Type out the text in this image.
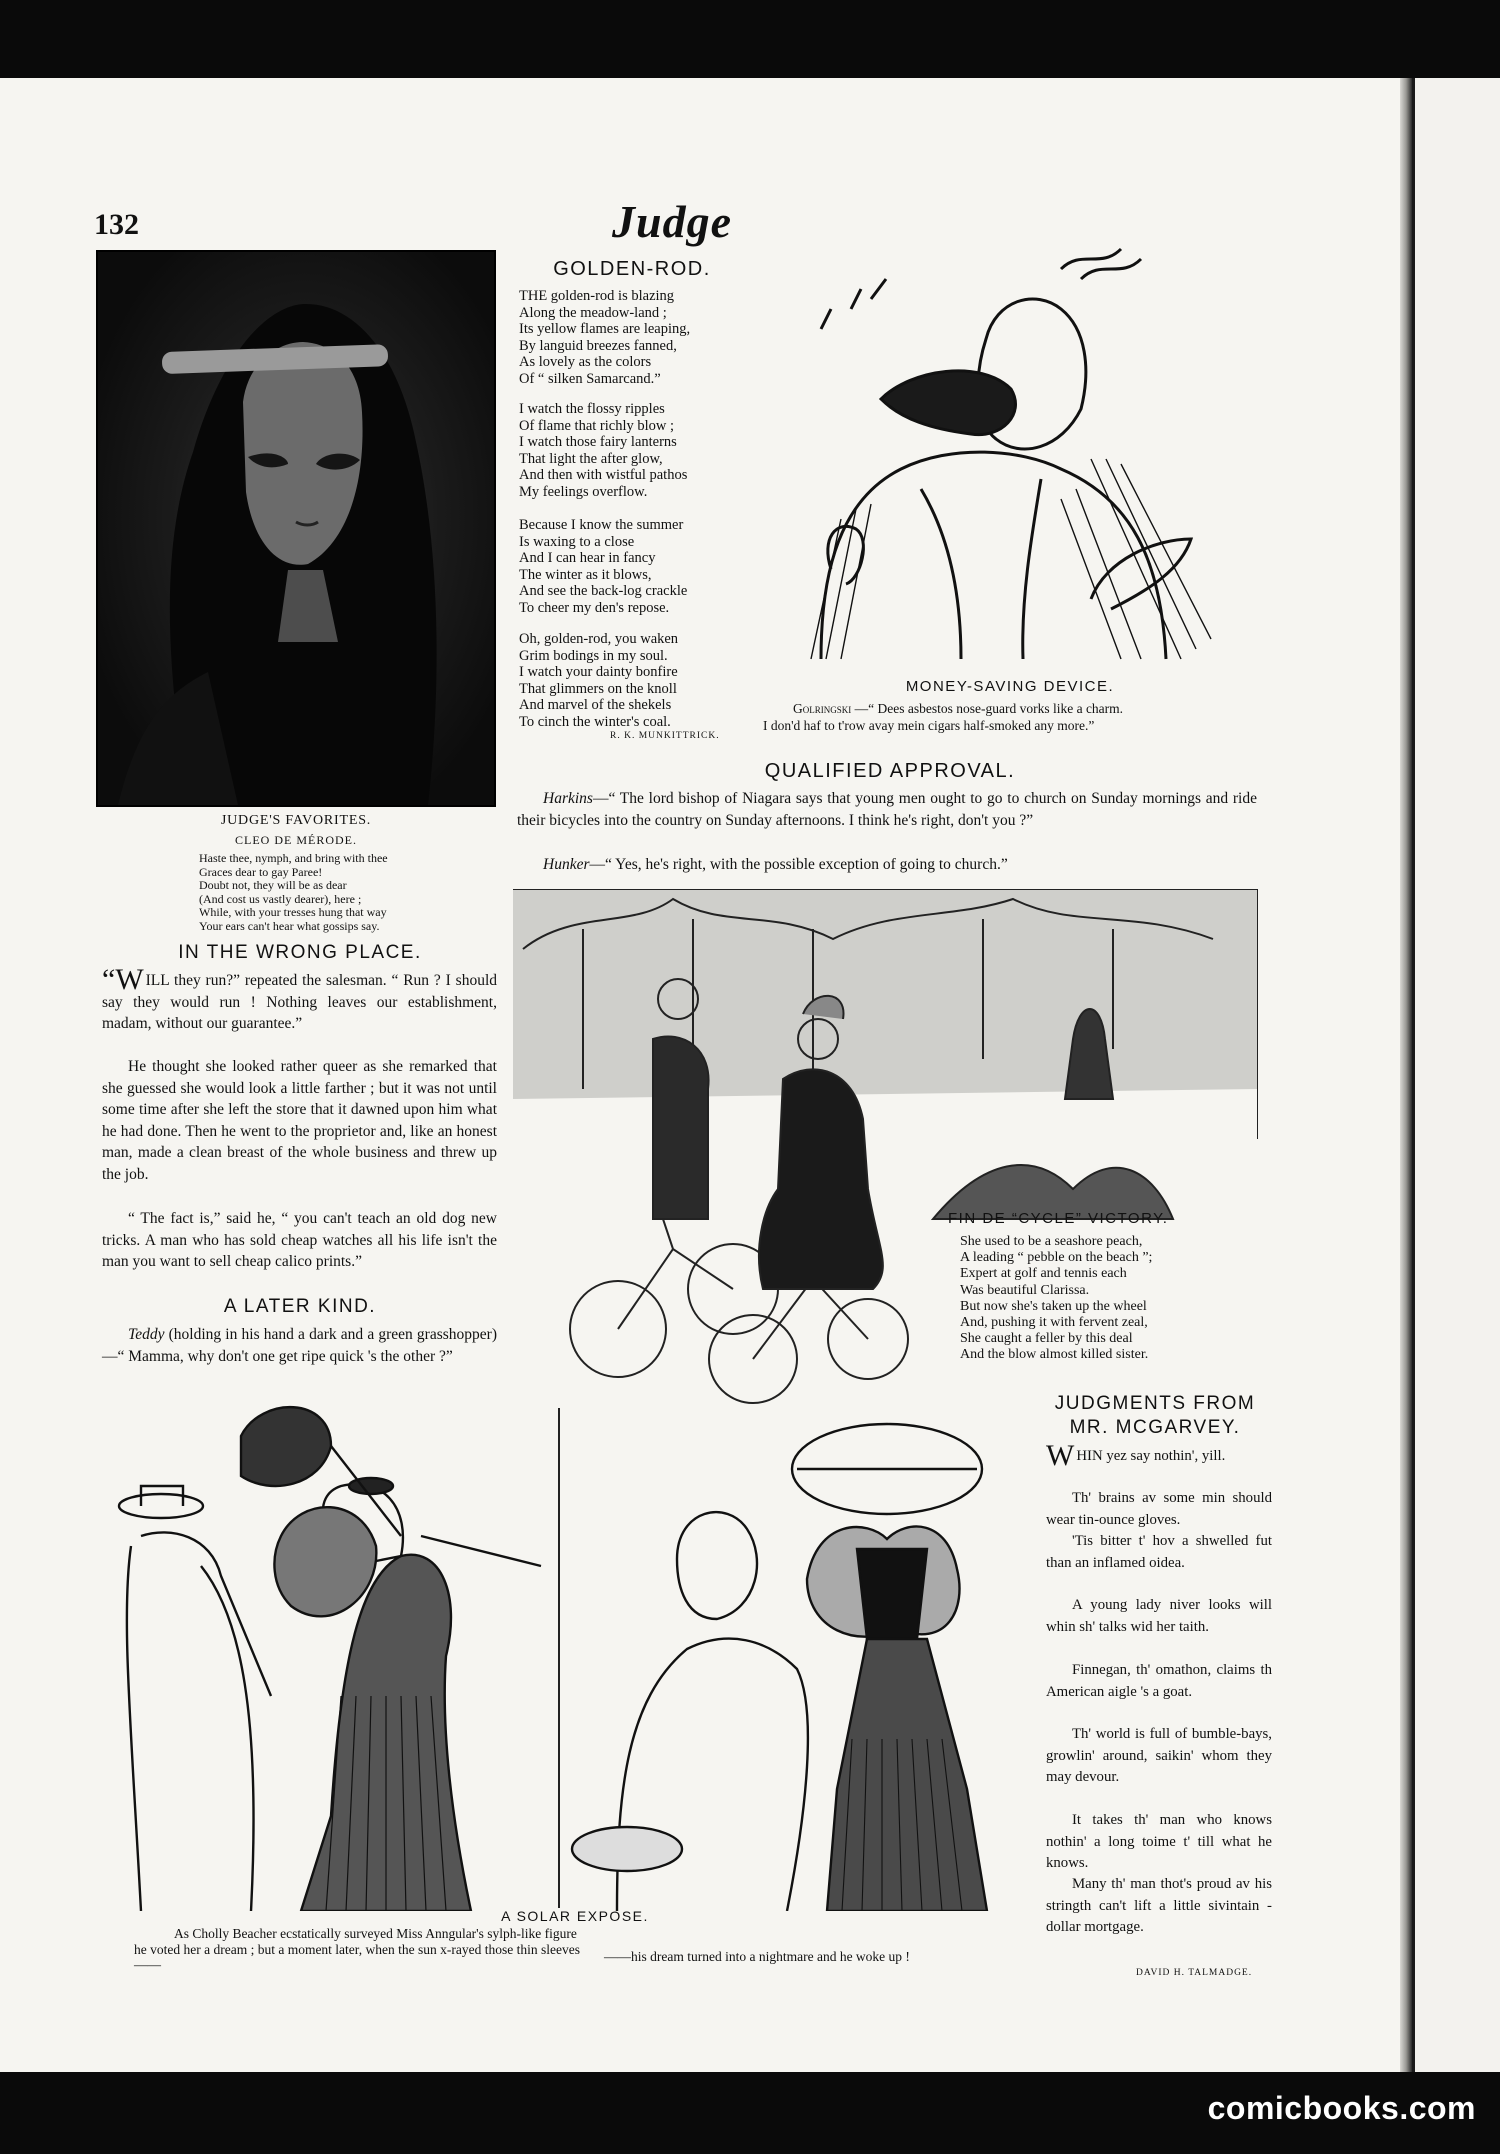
comicbooks.com
132	Judge
JUDGE'S FAVORITES.
CLEO DE MÉRODE.
Haste thee, nymph, and bring with thee
Graces dear to gay Paree!
Doubt not, they will be as dear
(And cost us vastly dearer), here ;
While, with your tresses hung that way
Your ears can't hear what gossips say.
GOLDEN-ROD.
THE golden-rod is blazing
Along the meadow-land ;
Its yellow flames are leaping,
By languid breezes fanned,
As lovely as the colors
Of “ silken Samarcand.”
I watch the flossy ripples
Of flame that richly blow ;
I watch those fairy lanterns
That light the after glow,
And then with wistful pathos
My feelings overflow.
Because I know the summer
Is waxing to a close
And I can hear in fancy
The winter as it blows,
And see the back-log crackle
To cheer my den's repose.
Oh, golden-rod, you waken
Grim bodings in my soul.
I watch your dainty bonfire
That glimmers on the knoll
And marvel of the shekels
To cinch the winter's coal.
R. K. MUNKITTRICK.
MONEY-SAVING DEVICE.
Golringski —“ Dees asbestos nose-guard vorks like a charm.
I don'd haf to t'row avay mein cigars half-smoked any more.”
QUALIFIED APPROVAL.
Harkins—“ The lord bishop of Niagara says that young men ought to go to church on Sunday mornings and ride their bicycles into the country on Sunday afternoons. I think he's right, don't you ?”
Hunker—“ Yes, he's right, with the possible exception of going to church.”
FIN DE “CYCLE” VICTORY.
She used to be a seashore peach,
A leading “ pebble on the beach ”;
Expert at golf and tennis each
Was beautiful Clarissa.
But now she's taken up the wheel
And, pushing it with fervent zeal,
She caught a feller by this deal
And the blow almost killed sister.
IN THE WRONG PLACE.
“WILL they run?” repeated the salesman. “ Run ? I should say they would run ! Nothing leaves our establishment, madam, without our guarantee.”
He thought she looked rather queer as she remarked that she guessed she would look a little farther ; but it was not until some time after she left the store that it dawned upon him what he had done. Then he went to the proprietor and, like an honest man, made a clean breast of the whole business and threw up the job.
“ The fact is,” said he, “ you can't teach an old dog new tricks. A man who has sold cheap watches all his life isn't the man you want to sell cheap calico prints.”
A LATER KIND.
Teddy (holding in his hand a dark and a green grasshopper) —“ Mamma, why don't one get ripe quick 's the other ?”
JUDGMENTS FROM
MR. MCGARVEY.
WHIN yez say nothin', yill.
Th' brains av some min should wear tin-ounce gloves.
'Tis bitter t' hov a shwelled fut than an inflamed oidea.
A young lady niver looks will whin sh' talks wid her taith.
Finnegan, th' omathon, claims th American aigle 's a goat.
Th' world is full of bumble-bays, growlin' around, saikin' whom they may devour.
It takes th' man who knows nothin' a long toime t' till what he knows.
Many th' man thot's proud av his stringth can't lift a little sivintain - dollar mortgage.
DAVID H. TALMADGE.
A SOLAR EXPOSE.
As Cholly Beacher ecstatically surveyed Miss Anngular's sylph-like figure he voted her a dream ; but a moment later, when the sun x-rayed those thin sleeves——
——his dream turned into a nightmare and he woke up !
